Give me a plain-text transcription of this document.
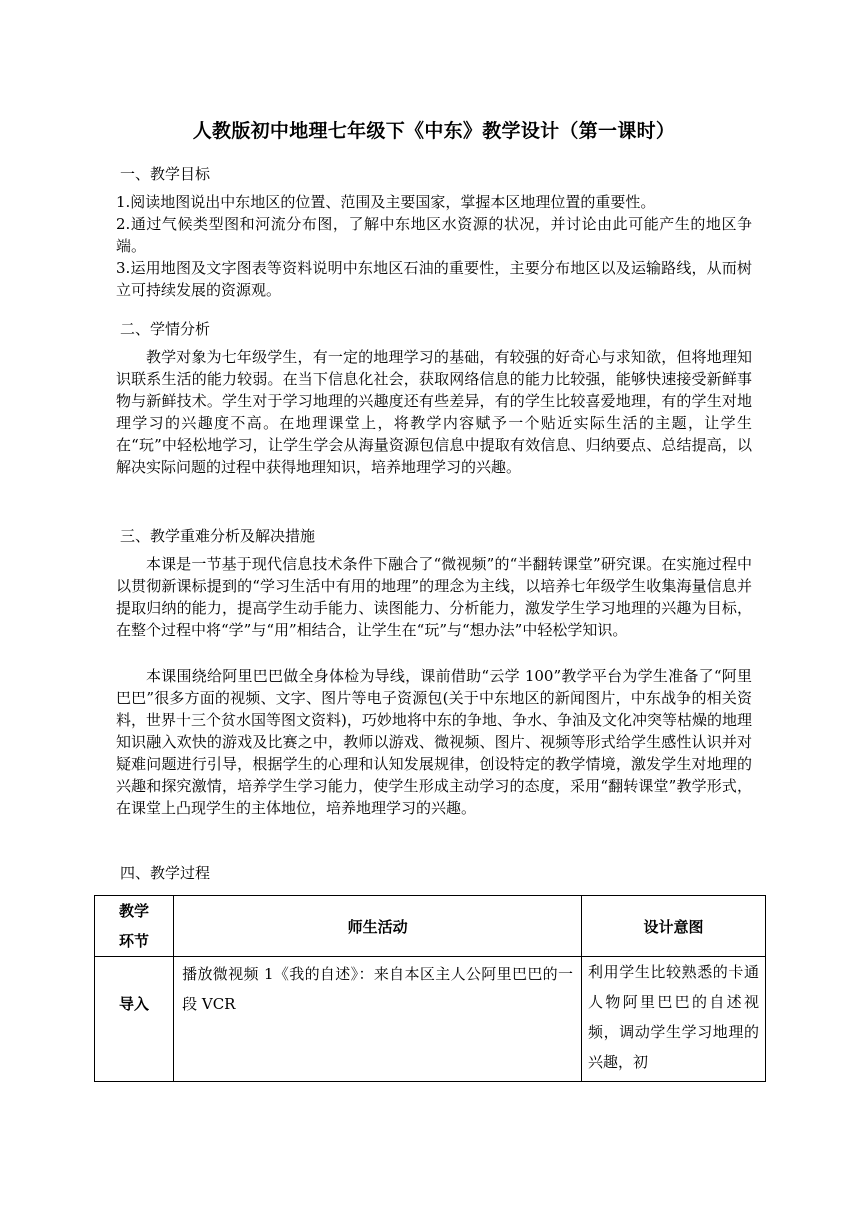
人教版初中地理七年级下《中东》教学设计（第一课时）
一、教学目标
1.阅读地图说出中东地区的位置、范围及主要国家，掌握本区地理位置的重要性。
2.通过气候类型图和河流分布图，了解中东地区水资源的状况，并讨论由此可能产生的地区争端。
3.运用地图及文字图表等资料说明中东地区石油的重要性，主要分布地区以及运输路线，从而树立可持续发展的资源观。
二、学情分析
教学对象为七年级学生，有一定的地理学习的基础，有较强的好奇心与求知欲，但将地理知识联系生活的能力较弱。在当下信息化社会，获取网络信息的能力比较强，能够快速接受新鲜事物与新鲜技术。学生对于学习地理的兴趣度还有些差异，有的学生比较喜爱地理，有的学生对地理学习的兴趣度不高。在地理课堂上，将教学内容赋予一个贴近实际生活的主题，让学生在“玩”中轻松地学习，让学生学会从海量资源包信息中提取有效信息、归纳要点、总结提高，以解决实际问题的过程中获得地理知识，培养地理学习的兴趣。
三、教学重难分析及解决措施
本课是一节基于现代信息技术条件下融合了“微视频”的“半翻转课堂”研究课。在实施过程中以贯彻新课标提到的“学习生活中有用的地理”的理念为主线，以培养七年级学生收集海量信息并提取归纳的能力，提高学生动手能力、读图能力、分析能力，激发学生学习地理的兴趣为目标，在整个过程中将“学”与“用”相结合，让学生在“玩”与“想办法”中轻松学知识。
本课围绕给阿里巴巴做全身体检为导线，课前借助“云学 100”教学平台为学生准备了“阿里巴巴”很多方面的视频、文字、图片等电子资源包(关于中东地区的新闻图片，中东战争的相关资料，世界十三个贫水国等图文资料)，巧妙地将中东的争地、争水、争油及文化冲突等枯燥的地理知识融入欢快的游戏及比赛之中，教师以游戏、微视频、图片、视频等形式给学生感性认识并对疑难问题进行引导，根据学生的心理和认知发展规律，创设特定的教学情境，激发学生对地理的兴趣和探究激情，培养学生学习能力，使学生形成主动学习的态度，采用“翻转课堂”教学形式，在课堂上凸现学生的主体地位，培养地理学习的兴趣。
四、教学过程
教学
环节	师生活动	设计意图
导入	播放微视频 1《我的自述》：来自本区主人公阿里巴巴的一段 VCR	利用学生比较熟悉的卡通人物阿里巴巴的自述视频，调动学生学习地理的兴趣，初
